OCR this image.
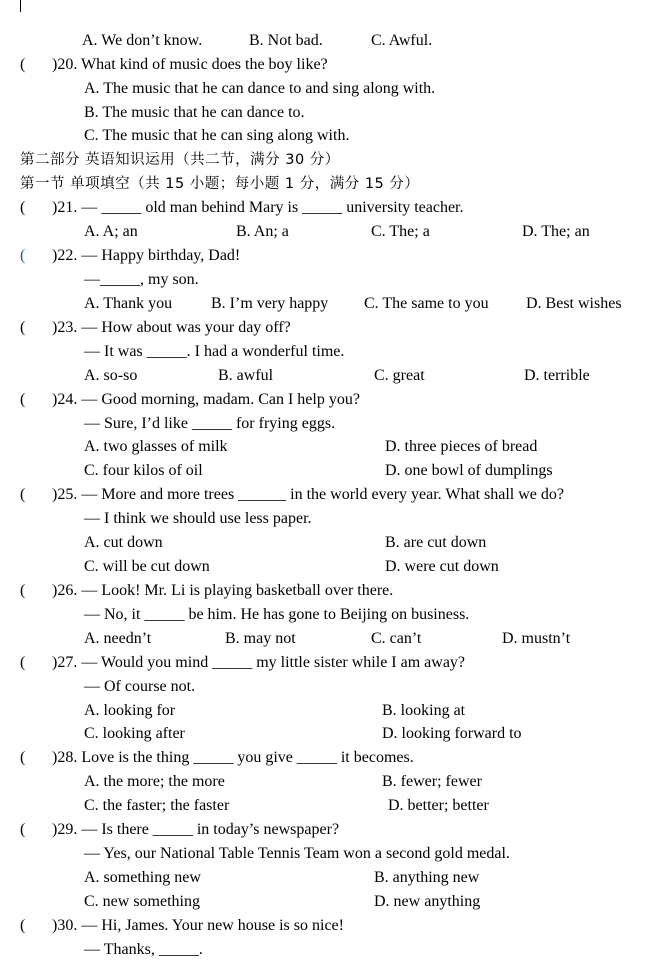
A. We don’t know.	B. Not bad.	C. Awful.
( )20. What kind of music does the boy like?
A. The music that he can dance to and sing along with.
B. The music that he can dance to.
C. The music that he can sing along with.
第二部分 英语知识运用（共二节，满分 30 分）
第一节 单项填空（共 15 小题；每小题 1 分，满分 15 分）
( )21. — _____ old man behind Mary is _____ university teacher.
A. A; an	B. An; a	C. The; a	D. The; an
( )22. — Happy birthday, Dad!
—_____, my son.
A. Thank you B. I’m very happy C. The same to you D. Best wishes
( )23. — How about was your day off?
— It was _____. I had a wonderful time.
A. so-so	B. awful	C. great	D. terrible
( )24. — Good morning, madam. Can I help you?
— Sure, I’d like _____ for frying eggs.
A. two glasses of milk	D. three pieces of bread
C. four kilos of oil	D. one bowl of dumplings
( )25. — More and more trees ______ in the world every year. What shall we do?
— I think we should use less paper.
A. cut down	B. are cut down
C. will be cut down	D. were cut down
( )26. — Look! Mr. Li is playing basketball over there.
— No, it _____ be him. He has gone to Beijing on business.
A. needn’t	B. may not	C. can’t	D. mustn’t
( )27. — Would you mind _____ my little sister while I am away?
— Of course not.
A. looking for	B. looking at
C. looking after	D. looking forward to
( )28. Love is the thing _____ you give _____ it becomes.
A. the more; the more	B. fewer; fewer
C. the faster; the faster	D. better; better
( )29. — Is there _____ in today’s newspaper?
— Yes, our National Table Tennis Team won a second gold medal.
A. something new	B. anything new
C. new something	D. new anything
( )30. — Hi, James. Your new house is so nice!
— Thanks, _____.
